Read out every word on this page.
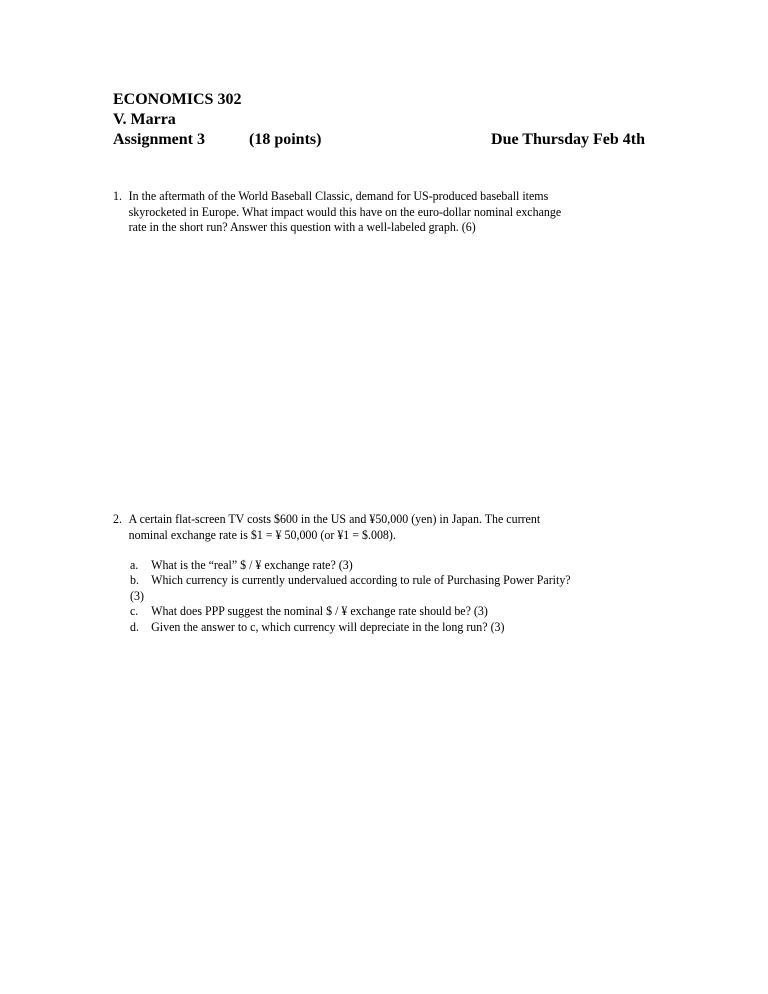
ECONOMICS 302
V. Marra
Assignment 3	(18 points)	Due Thursday Feb 4th
1. In the aftermath of the World Baseball Classic, demand for US-produced baseball items
skyrocketed in Europe. What impact would this have on the euro-dollar nominal exchange
rate in the short run? Answer this question with a well-labeled graph. (6)
2. A certain flat-screen TV costs $600 in the US and ¥50,000 (yen) in Japan. The current
nominal exchange rate is $1 = ¥ 50,000 (or ¥1 = $.008).
a. What is the “real” $ / ¥ exchange rate? (3)
b. Which currency is currently undervalued according to rule of Purchasing Power Parity?
(3)
c. What does PPP suggest the nominal $ / ¥ exchange rate should be? (3)
d. Given the answer to c, which currency will depreciate in the long run? (3)
